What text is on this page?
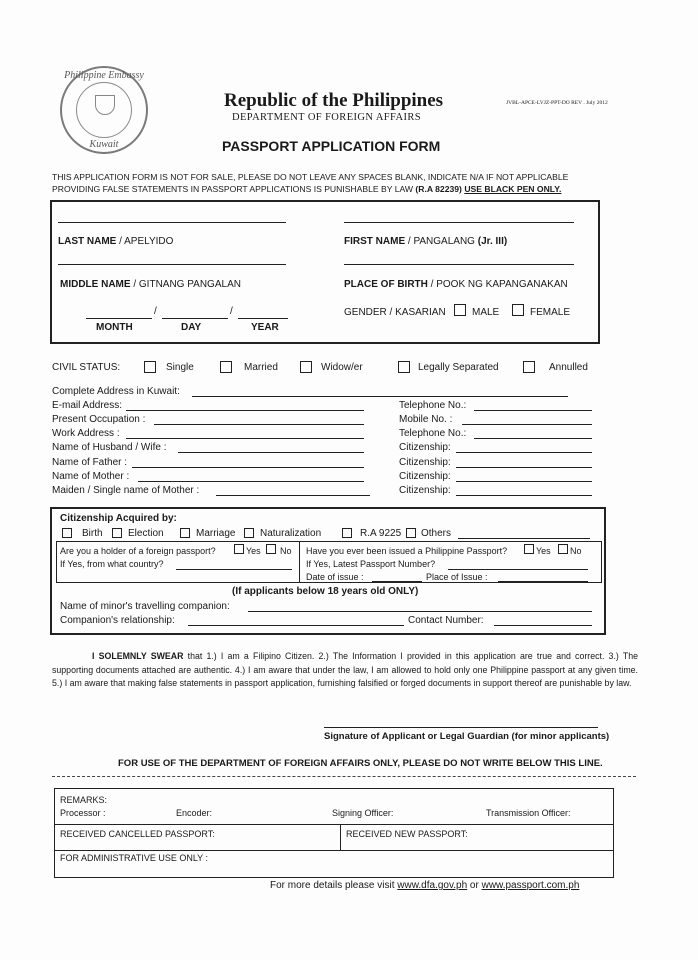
Philippine Embassy
Kuwait
Republic of the Philippines
DEPARTMENT OF FOREIGN AFFAIRS
JVBL-APCE-LVJZ-PPT-DO REV . July 2012
PASSPORT APPLICATION FORM
THIS APPLICATION FORM IS NOT FOR SALE, PLEASE DO NOT LEAVE ANY SPACES BLANK, INDICATE N/A IF NOT APPLICABLE
PROVIDING FALSE STATEMENTS IN PASSPORT APPLICATIONS IS PUNISHABLE BY LAW (R.A 82239) USE BLACK PEN ONLY.
LAST NAME / APELYIDO	FIRST NAME / PANGALANG (Jr. III)
MIDDLE NAME / GITNANG PANGALAN	PLACE OF BIRTH / POOK NG KAPANGANAKAN
/	/
MONTH	DAY	YEAR
GENDER / KASARIAN	MALE	FEMALE
CIVIL STATUS:	Single	Married	Widow/er	Legally Separated	Annulled
Complete Address in Kuwait:
E-mail Address:	Telephone No.:
Present Occupation :	Mobile No. :
Work Address :	Telephone No.:
Name of Husband / Wife :	Citizenship:
Name of Father :	Citizenship:
Name of Mother :	Citizenship:
Maiden / Single name of Mother :	Citizenship:
Citizenship Acquired by:
Birth	Election	Marriage Naturalization	R.A 9225 Others
Are you a holder of a foreign passport?	Yes No
If Yes, from what country?
Have you ever been issued a Philippine Passport?	Yes No
If Yes, Latest Passport Number?
Date of issue :	Place of Issue :
(If applicants below 18 years old ONLY)
Name of minor's travelling companion:
Companion's relationship:	Contact Number:
I SOLEMNLY SWEAR that 1.) I am a Filipino Citizen. 2.) The Information I provided in this application are true and correct. 3.) The supporting documents attached are authentic. 4.) I am aware that under the law, I am allowed to hold only one Philippine passport at any given time. 5.) I am aware that making false statements in passport application, furnishing falsified or forged documents in support thereof are punishable by law.
Signature of Applicant or Legal Guardian (for minor applicants)
FOR USE OF THE DEPARTMENT OF FOREIGN AFFAIRS ONLY, PLEASE DO NOT WRITE BELOW THIS LINE.
REMARKS:
Processor :	Encoder:	Signing Officer:	Transmission Officer:
RECEIVED CANCELLED PASSPORT:	RECEIVED NEW PASSPORT:
FOR ADMINISTRATIVE USE ONLY :
For more details please visit www.dfa.gov.ph or www.passport.com.ph
